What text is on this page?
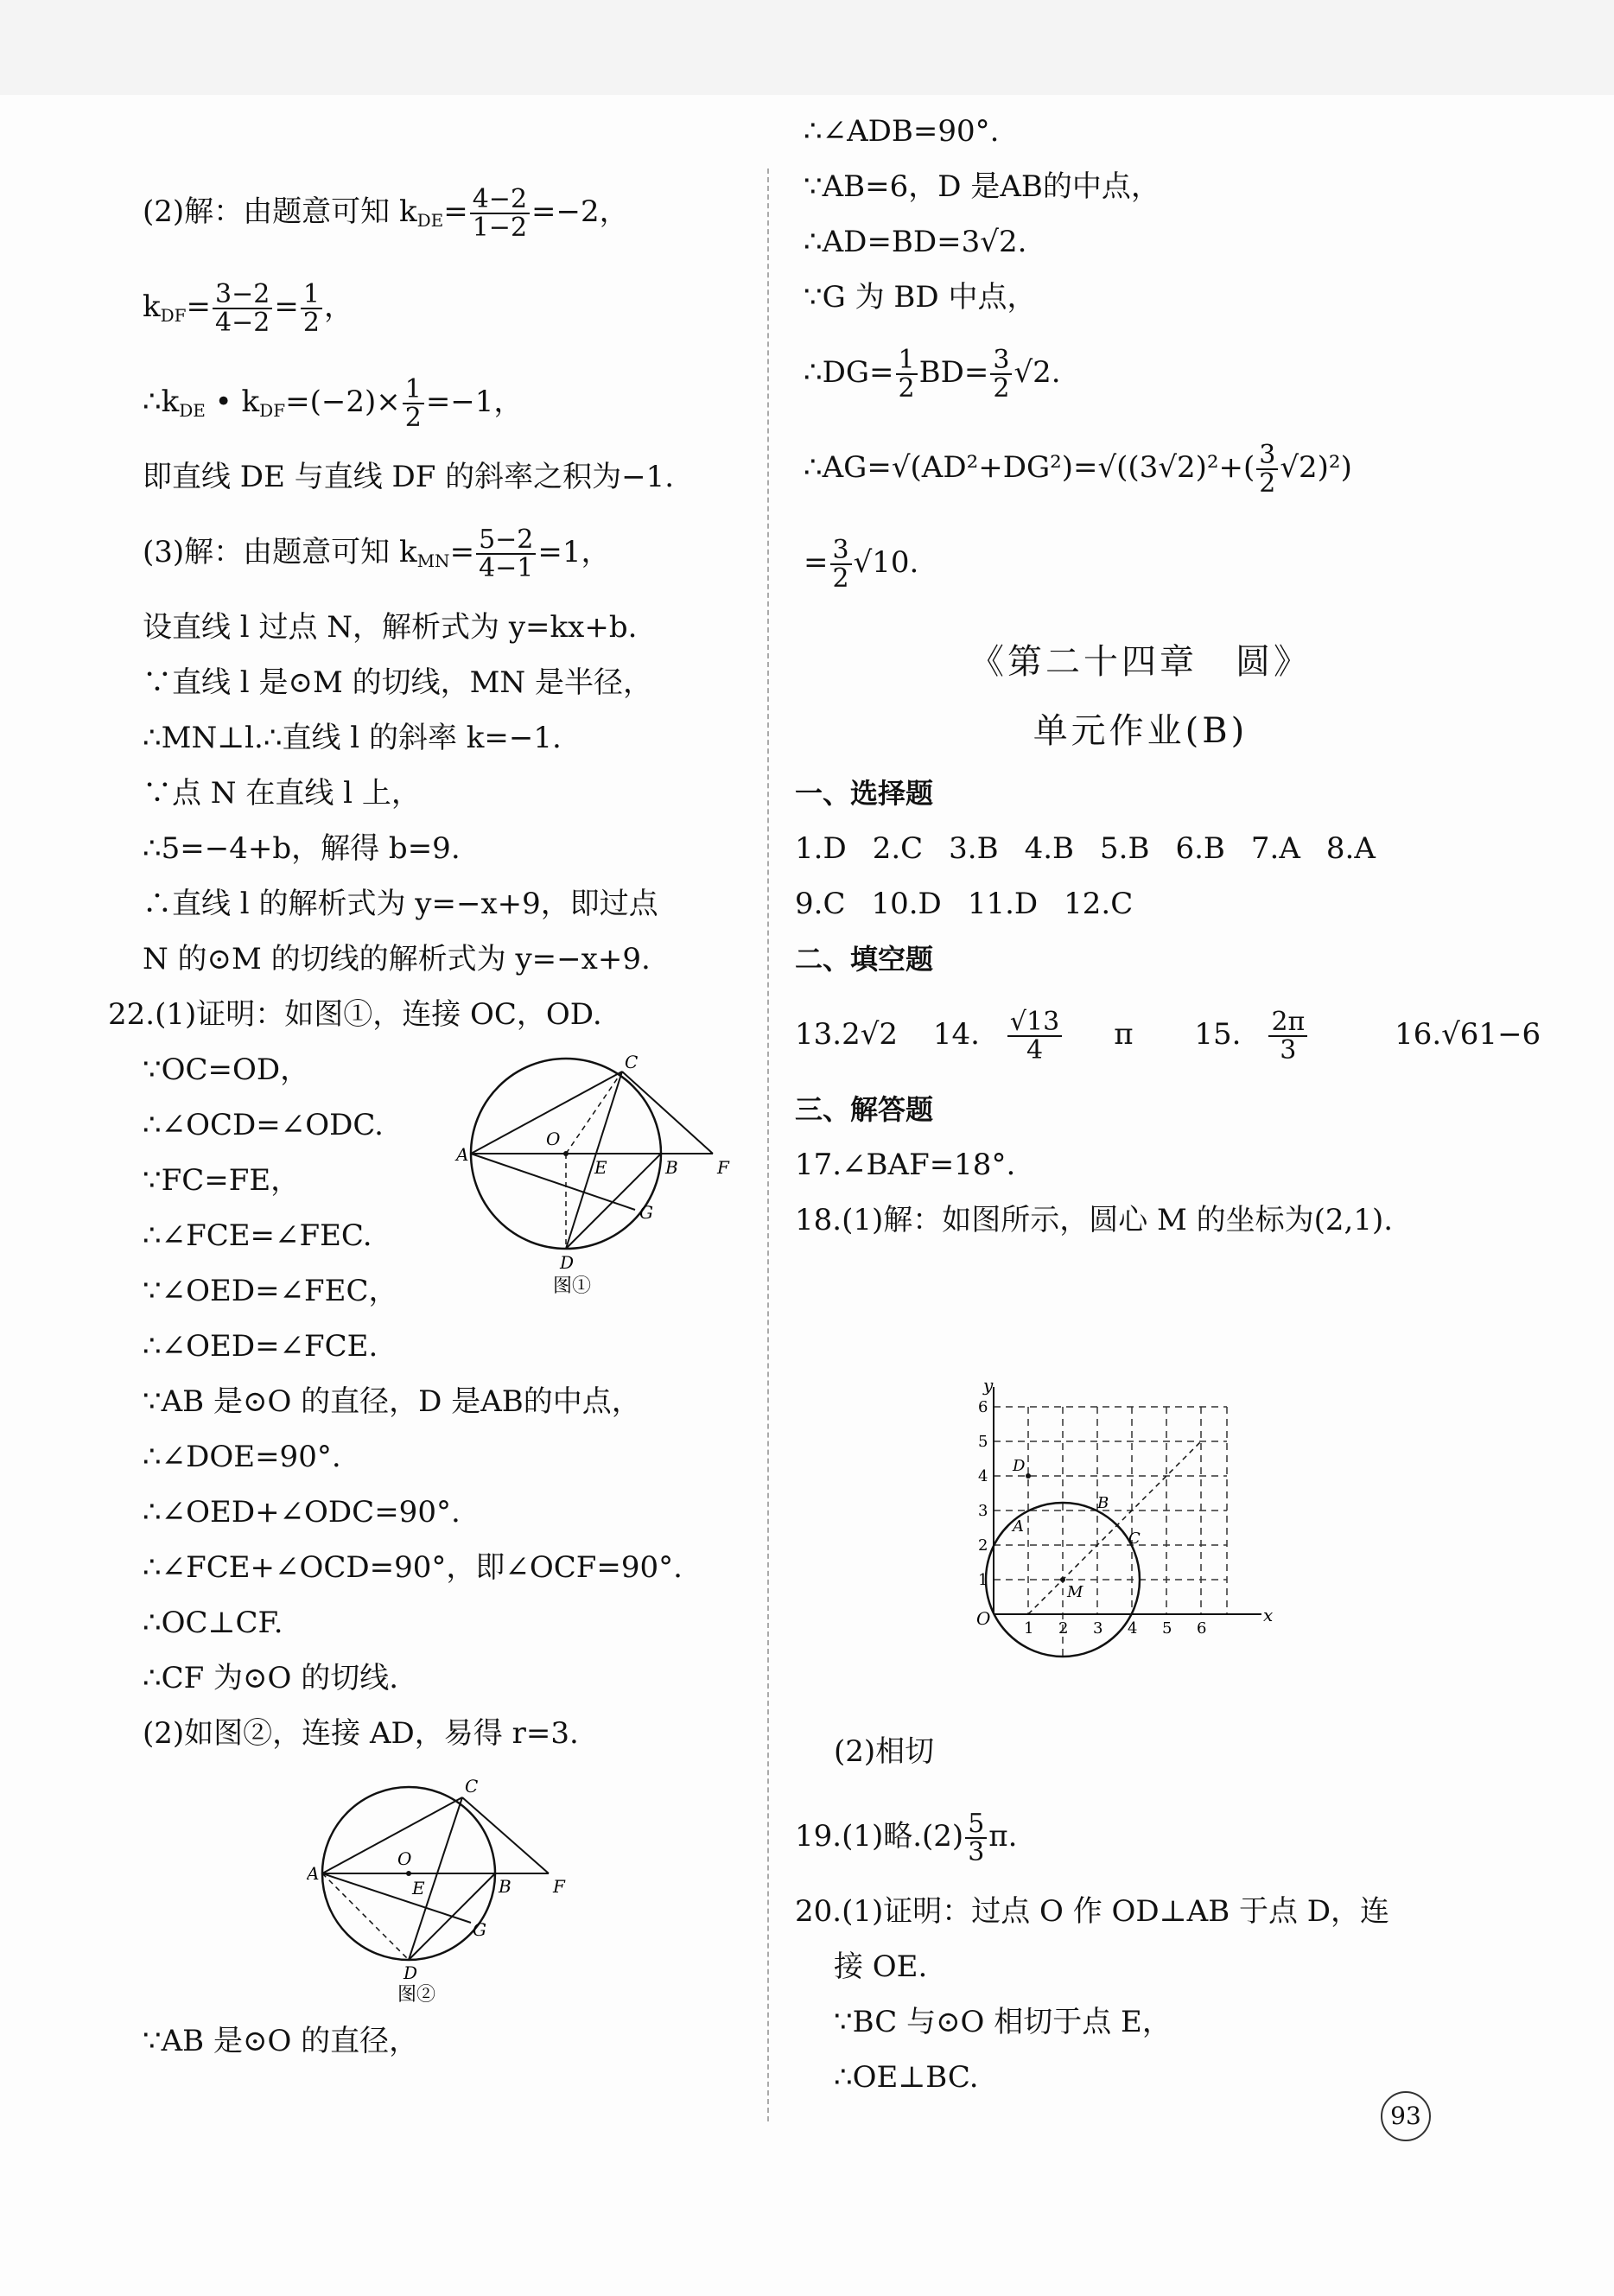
(2)解：由题意可知 $k_{DE}= \frac{4-2}{1-2} =-2$，
$k_{DF}= \frac{3-2}{4-2} = \frac{1}{2}$ ，
$\therefore k_{DE}$ • $k_{DF}=(-2)\times \frac{1}{2} =-1$，
即直线 DE 与直线 DF 的斜率之积为−1.
(3)解：由题意可知 $k_{MN}= \frac{5-2}{4-1} =1$，
设直线 l 过点 N，解析式为 y=kx+b.
∵直线 l 是⊙M 的切线，MN 是半径，
∴MN⊥l.∴直线 l 的斜率 k=−1.
∵点 N 在直线 l 上，
∴5=−4+b，解得 b=9.
∴直线 l 的解析式为 y=−x+9，即过点
N 的⊙M 的切线的解析式为 y=−x+9.
22.(1)证明：如图①，连接 OC，OD.
∵OC=OD，
∴∠OCD=∠ODC.
∵FC=FE，
∴∠FCE=∠FEC.
∵∠OED=∠FEC，
∴∠OED=∠FCE.
∵AB 是⊙O 的直径，D 是AB的中点，
∴∠DOE=90°.
∴∠OED+∠ODC=90°.
∴∠FCE+∠OCD=90°，即∠OCF=90°.
∴OC⊥CF.
∴CF 为⊙O 的切线.
(2)如图②，连接 AD，易得 r=3.
∵AB 是⊙O 的直径，
A
B
C
D
E	F
G
O
图①
A
B
C
D
E	F
G
O
图②
∴∠ADB=90°.
∵AB=6，D 是AB的中点，
∴AD=BD=3√2.
∵G 为 BD 中点，
∴DG= $\frac{1}{2} BD= \frac{3}{2} √2$.
∴AG=√(AD²+DG²)=√((3√2)²+( $\frac{3}{2} √2)^2$)
= $\frac{3}{2} √10$.
《第二十四章　圆》
单元作业(B)
一、选择题
1.D 2.C 3.B 4.B 5.B 6.B 7.A 8.A
9.C 10.D 11.D 12.C
二、填空题
13.2√2 14. $\frac{√13}{4}$ π 15. $\frac{2\pi}{3} 16.√61-6$
三、解答题
17.∠BAF=18°.
18.(1)解：如图所示，圆心 M 的坐标为(2,1).
x
y
O 1 2 3 4 5 6
1
2
3
4
5
6
A
B
C
D
M
(2)相切
19.(1)略$.(2) \frac{5}{3} \pi$.
20.(1)证明：过点 O 作 OD⊥AB 于点 D，连
接 OE.
∵BC 与⊙O 相切于点 E，
∴OE⊥BC.
93
